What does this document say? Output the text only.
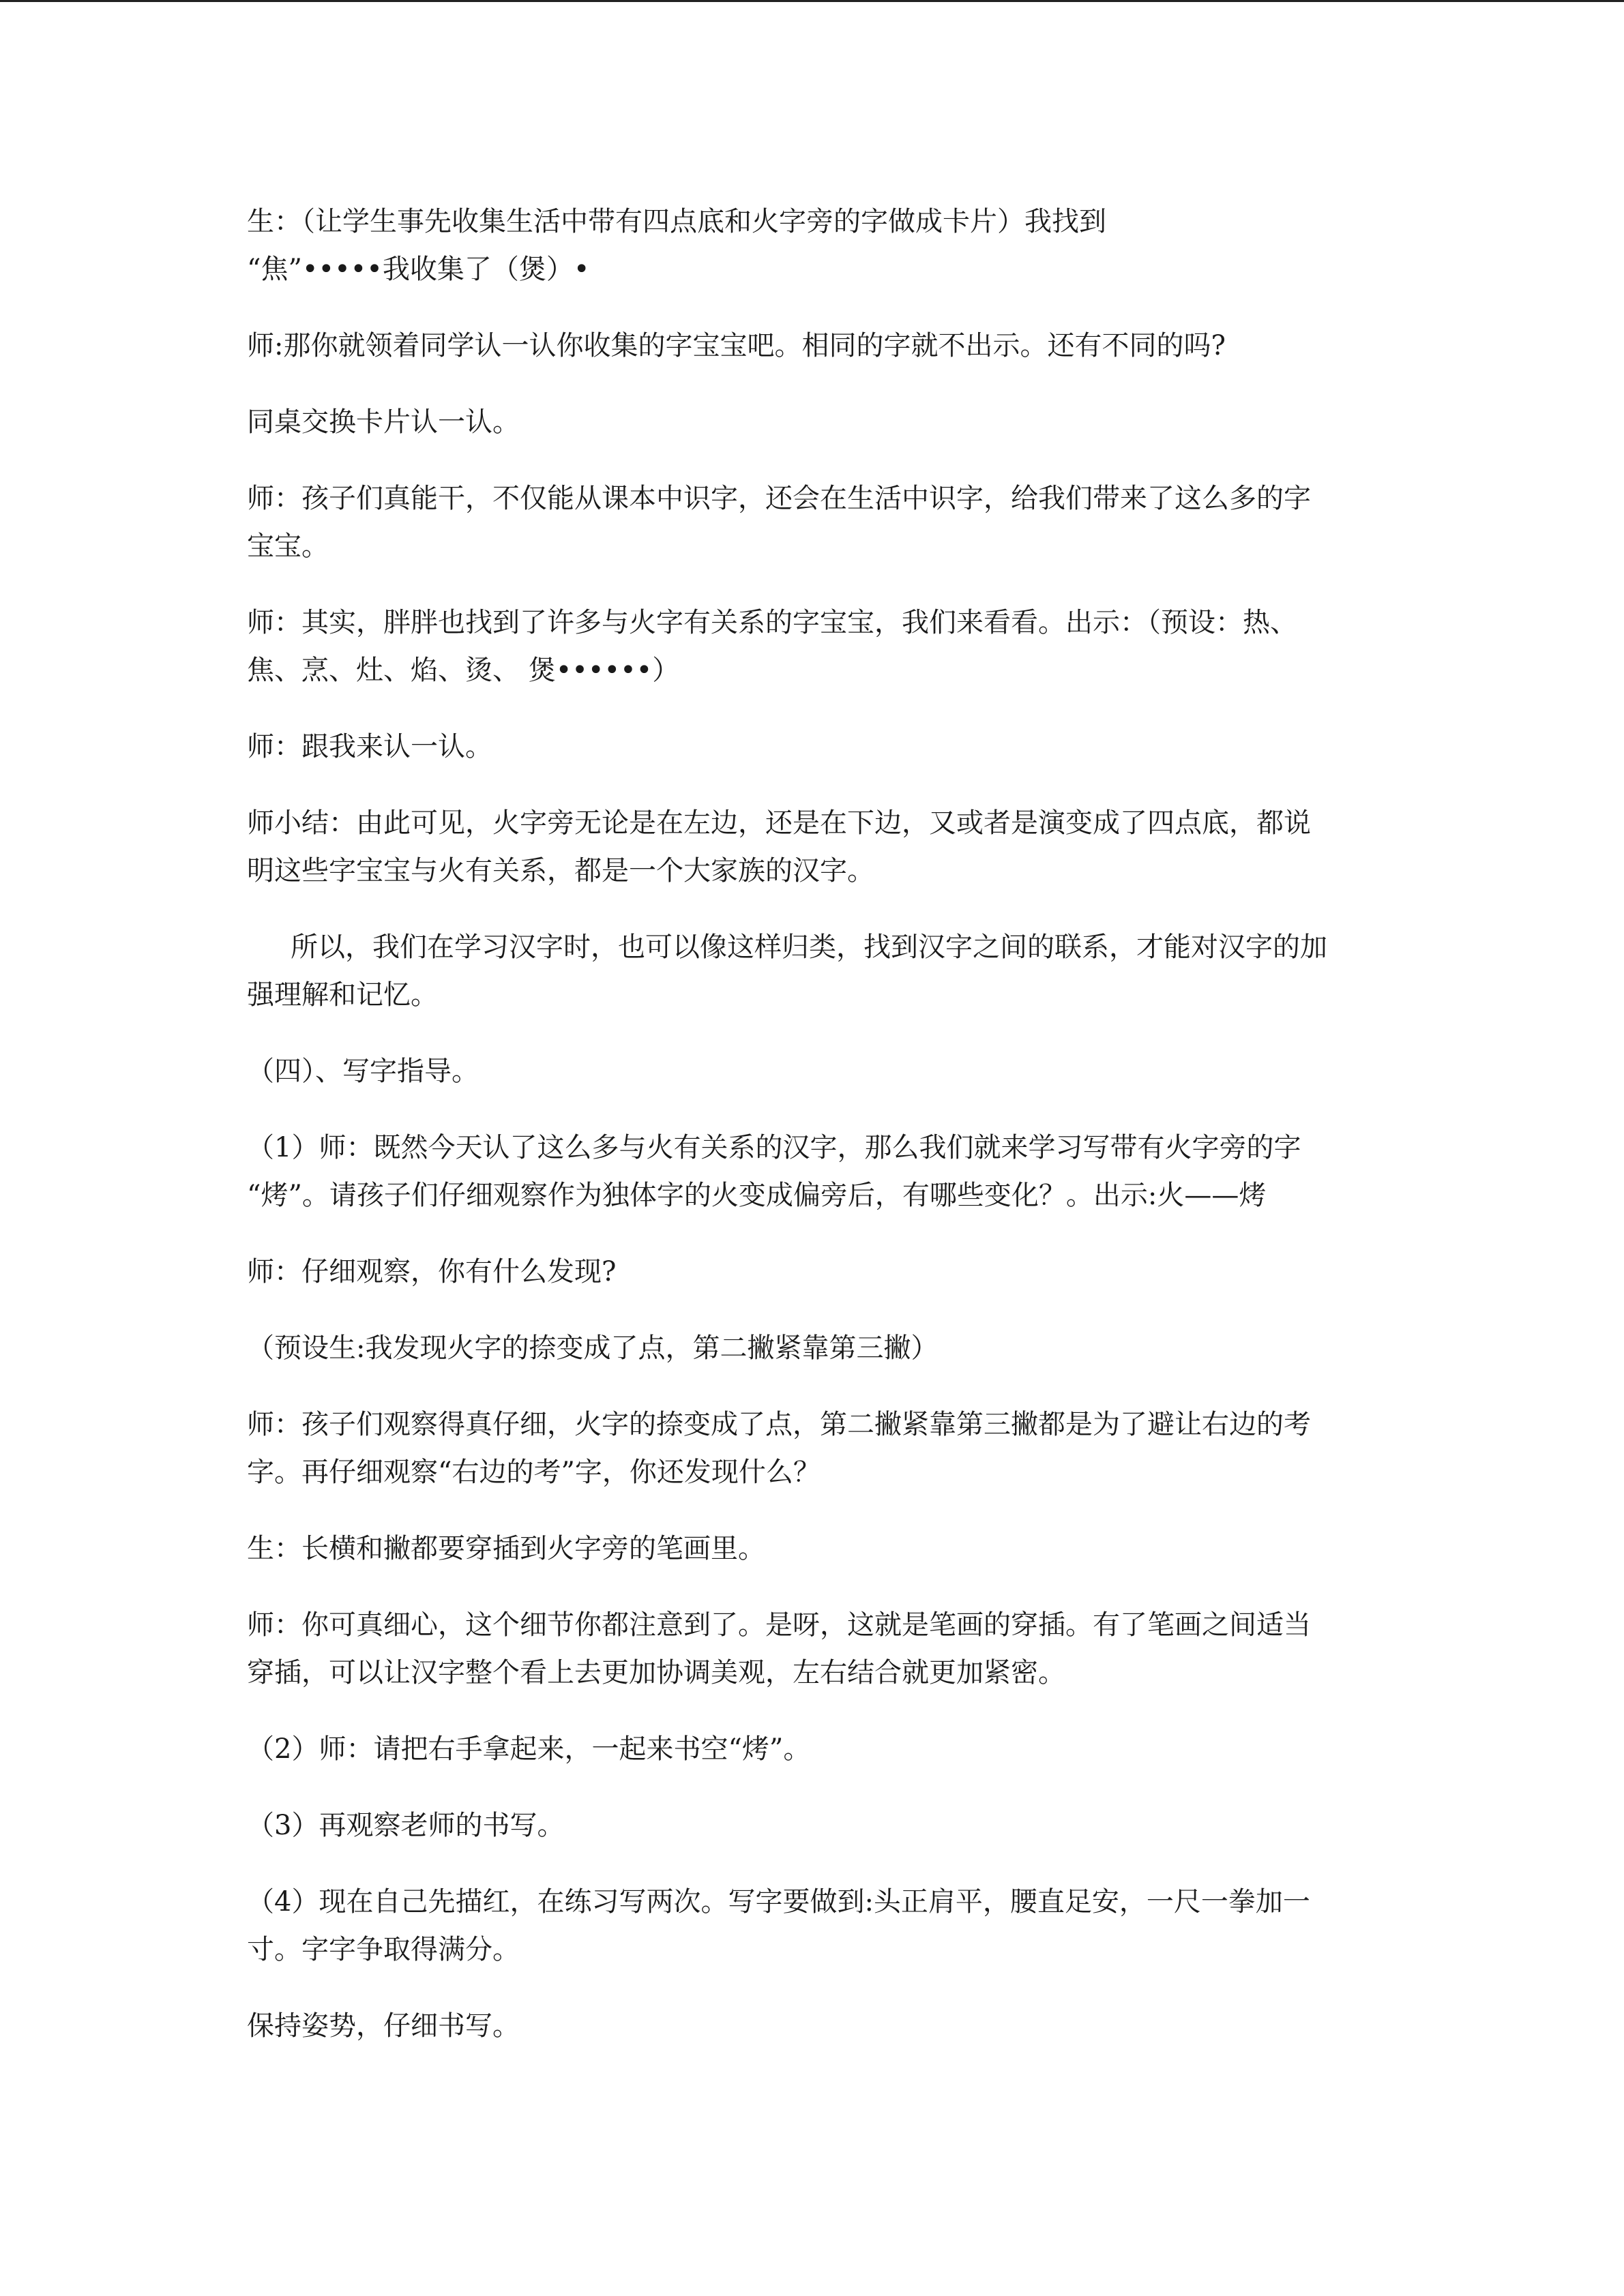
生：（让学生事先收集生活中带有四点底和火字旁的字做成卡片）我找到
“焦”•••••我收集了（煲）•
师:那你就领着同学认一认你收集的字宝宝吧。相同的字就不出示。还有不同的吗?
同桌交换卡片认一认。
师：孩子们真能干，不仅能从课本中识字，还会在生活中识字，给我们带来了这么多的字
宝宝。
师：其实，胖胖也找到了许多与火字有关系的字宝宝，我们来看看。出示：（预设：热、
焦、烹、灶、焰、烫、 煲••••••）
师：跟我来认一认。
师小结：由此可见，火字旁无论是在左边，还是在下边，又或者是演变成了四点底，都说
明这些字宝宝与火有关系，都是一个大家族的汉字。
所以，我们在学习汉字时，也可以像这样归类，找到汉字之间的联系，才能对汉字的加
强理解和记忆。
（四）、写字指导。
（1）师：既然今天认了这么多与火有关系的汉字，那么我们就来学习写带有火字旁的字
“烤”。请孩子们仔细观察作为独体字的火变成偏旁后，有哪些变化？。出示:火——烤
师：仔细观察，你有什么发现?
（预设生:我发现火字的捺变成了点，第二撇紧靠第三撇）
师：孩子们观察得真仔细，火字的捺变成了点，第二撇紧靠第三撇都是为了避让右边的考
字。再仔细观察“右边的考”字，你还发现什么？
生：长横和撇都要穿插到火字旁的笔画里。
师：你可真细心，这个细节你都注意到了。是呀，这就是笔画的穿插。有了笔画之间适当
穿插，可以让汉字整个看上去更加协调美观，左右结合就更加紧密。
（2）师：请把右手拿起来，一起来书空“烤”。
（3）再观察老师的书写。
（4）现在自己先描红，在练习写两次。写字要做到:头正肩平，腰直足安，一尺一拳加一
寸。字字争取得满分。
保持姿势，仔细书写。
